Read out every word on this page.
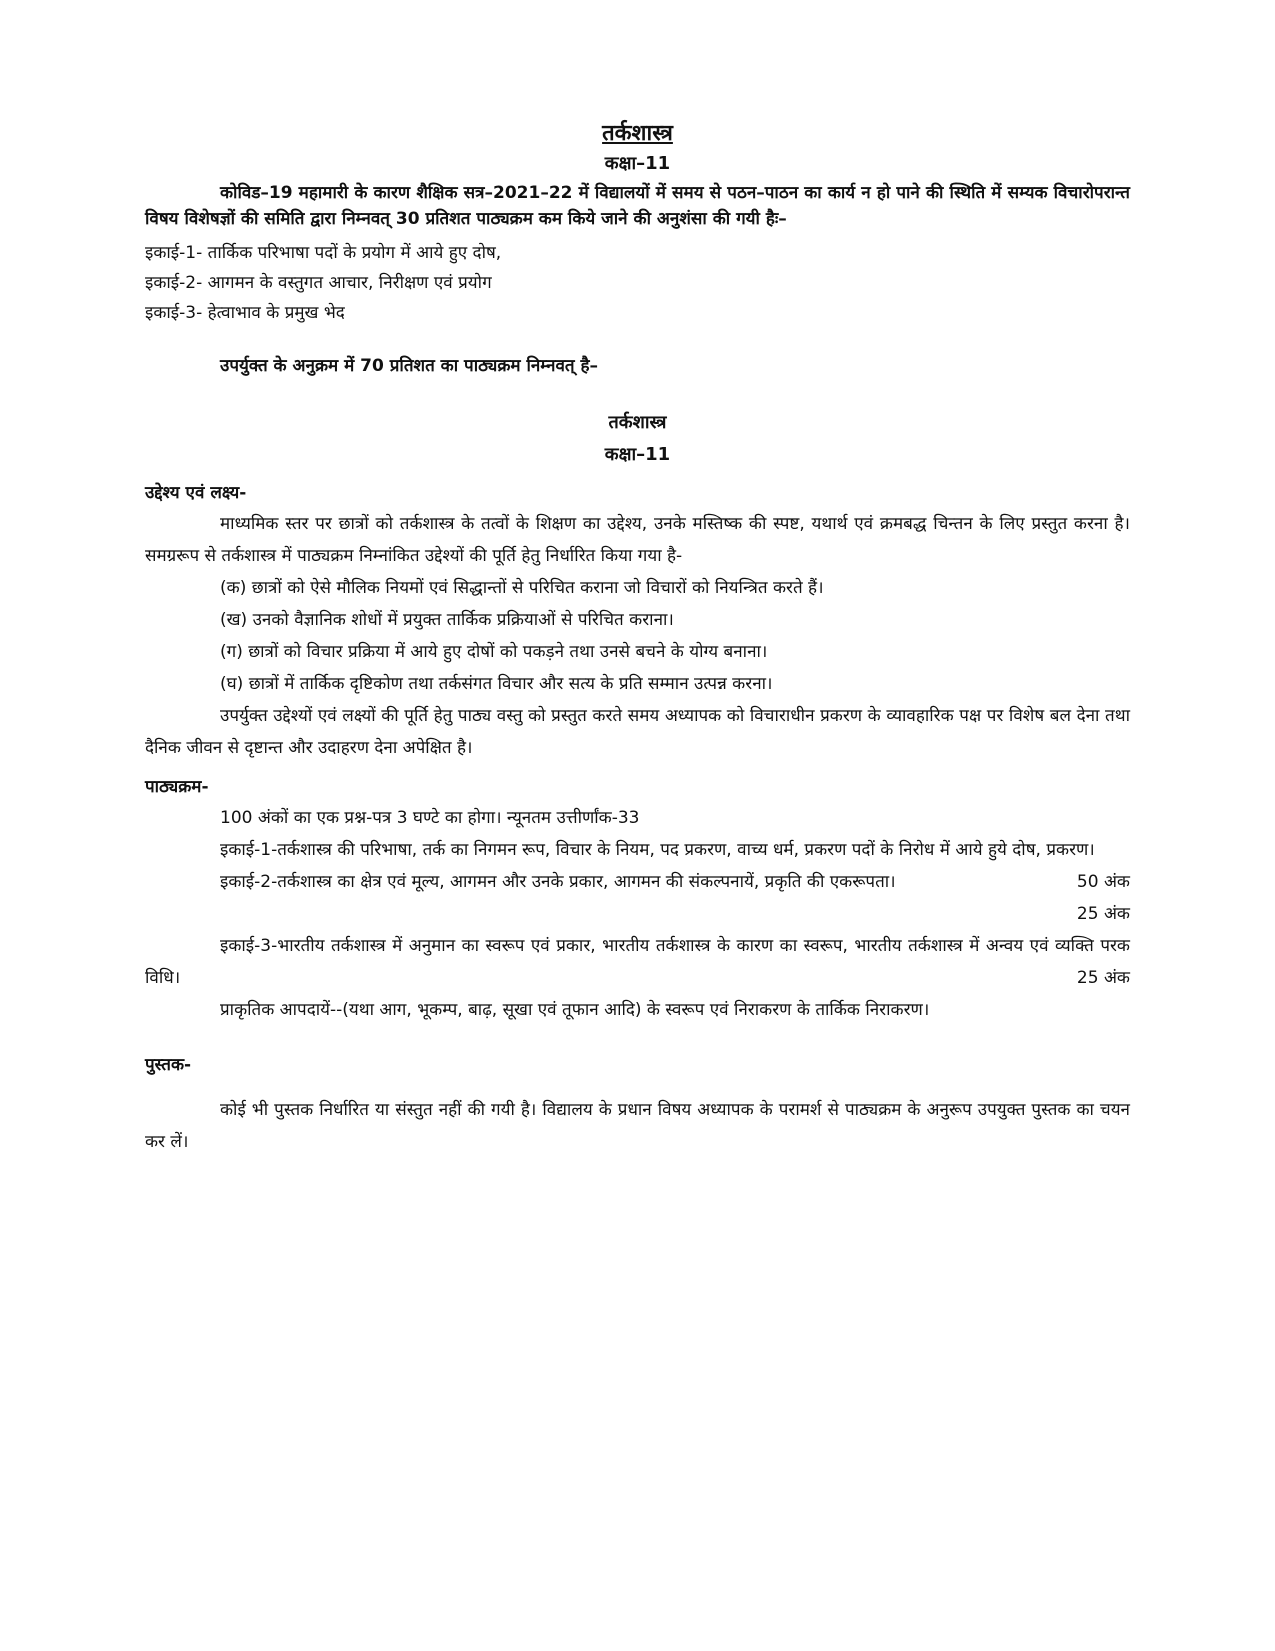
तर्कशास्त्र
कक्षा–11

कोविड–19 महामारी के कारण शैक्षिक सत्र–2021–22 में विद्यालयों में समय से पठन–पाठन का कार्य न हो पाने की स्थिति में सम्यक विचारोपरान्त विषय विशेषज्ञों की समिति द्वारा निम्नवत् 30 प्रतिशत पाठ्यक्रम कम किये जाने की अनुशंसा की गयी हैः–

इकाई-1- तार्किक परिभाषा पदों के प्रयोग में आये हुए दोष,
इकाई-2- आगमन के वस्तुगत आचार, निरीक्षण एवं प्रयोग
इकाई-3- हेत्वाभाव के प्रमुख भेद
उपर्युक्त के अनुक्रम में 70 प्रतिशत का पाठ्यक्रम निम्नवत् है–
तर्कशास्त्र
कक्षा–11
उद्देश्य एवं लक्ष्य-

माध्यमिक स्तर पर छात्रों को तर्कशास्त्र के तत्वों के शिक्षण का उद्देश्य, उनके मस्तिष्क की स्पष्ट, यथार्थ एवं क्रमबद्ध चिन्तन के लिए प्रस्तुत करना है। समग्ररूप से तर्कशास्त्र में पाठ्यक्रम निम्नांकित उद्देश्यों की पूर्ति हेतु निर्धारित किया गया है-

(क) छात्रों को ऐसे मौलिक नियमों एवं सिद्धान्तों से परिचित कराना जो विचारों को नियन्त्रित करते हैं।
(ख) उनको वैज्ञानिक शोधों में प्रयुक्त तार्किक प्रक्रियाओं से परिचित कराना।
(ग) छात्रों को विचार प्रक्रिया में आये हुए दोषों को पकड़ने तथा उनसे बचने के योग्य बनाना।
(घ) छात्रों में तार्किक दृष्टिकोण तथा तर्कसंगत विचार और सत्य के प्रति सम्मान उत्पन्न करना।

उपर्युक्त उद्देश्यों एवं लक्ष्यों की पूर्ति हेतु पाठ्य वस्तु को प्रस्तुत करते समय अध्यापक को विचाराधीन प्रकरण के व्यावहारिक पक्ष पर विशेष बल देना तथा दैनिक जीवन से दृष्टान्त और उदाहरण देना अपेक्षित है।

पाठ्यक्रम-
100 अंकों का एक प्रश्न-पत्र 3 घण्टे का होगा। न्यूनतम उत्तीर्णांक-33

इकाई-1-तर्कशास्त्र की परिभाषा, तर्क का निगमन रूप, विचार के नियम, पद प्रकरण, वाच्य धर्म, प्रकरण पदों के निरोध में आये हुये दोष, प्रकरण।
50 अंक

इकाई-2-तर्कशास्त्र का क्षेत्र एवं मूल्य, आगमन और उनके प्रकार, आगमन की संकल्पनायें, प्रकृति की एकरूपता।

25 अंक

इकाई-3-भारतीय तर्कशास्त्र में अनुमान का स्वरूप एवं प्रकार, भारतीय तर्कशास्त्र के कारण का स्वरूप, भारतीय तर्कशास्त्र में अन्वय एवं व्यक्ति परक विधि।	25 अंक

प्राकृतिक आपदायें--(यथा आग, भूकम्प, बाढ़, सूखा एवं तूफान आदि) के स्वरूप एवं निराकरण के तार्किक निराकरण।

पुस्तक-

कोई भी पुस्तक निर्धारित या संस्तुत नहीं की गयी है। विद्यालय के प्रधान विषय अध्यापक के परामर्श से पाठ्यक्रम के अनुरूप उपयुक्त पुस्तक का चयन कर लें।
